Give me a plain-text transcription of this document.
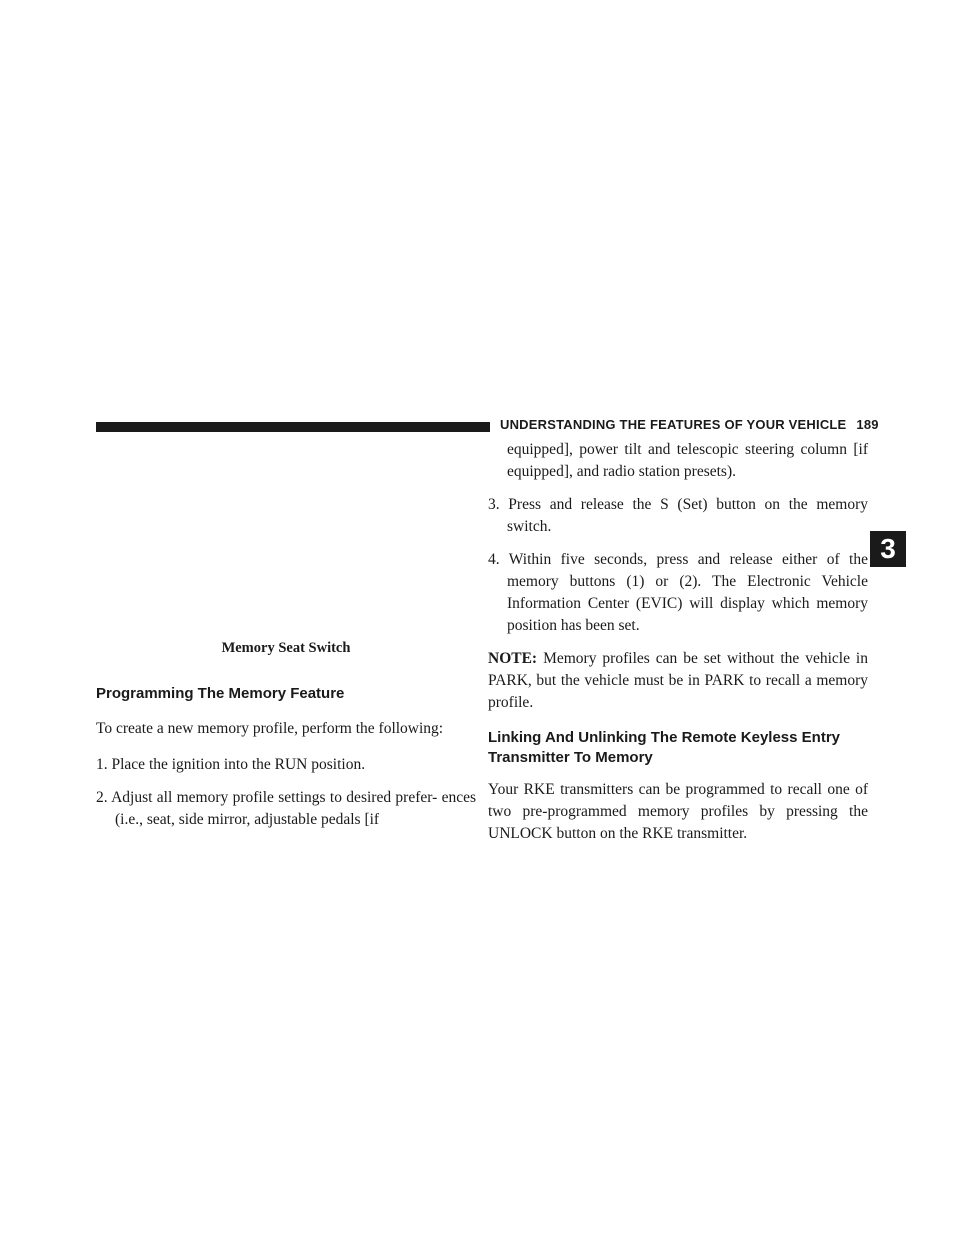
UNDERSTANDING THE FEATURES OF YOUR VEHICLE 189
3
Memory Seat Switch
Programming The Memory Feature

To create a new memory profile, perform the following:

1. Place the ignition into the RUN position.

2. Adjust all memory profile settings to desired prefer- ences (i.e., seat, side mirror, adjustable pedals [if

equipped], power tilt and telescopic steering column [if equipped], and radio station presets).

3. Press and release the S (Set) button on the memory switch.

4. Within five seconds, press and release either of the memory buttons (1) or (2). The Electronic Vehicle Information Center (EVIC) will display which memory position has been set.

NOTE: Memory profiles can be set without the vehicle in PARK, but the vehicle must be in PARK to recall a memory profile.

Linking And Unlinking The Remote Keyless Entry Transmitter To Memory

Your RKE transmitters can be programmed to recall one of two pre-programmed memory profiles by pressing the UNLOCK button on the RKE transmitter.
